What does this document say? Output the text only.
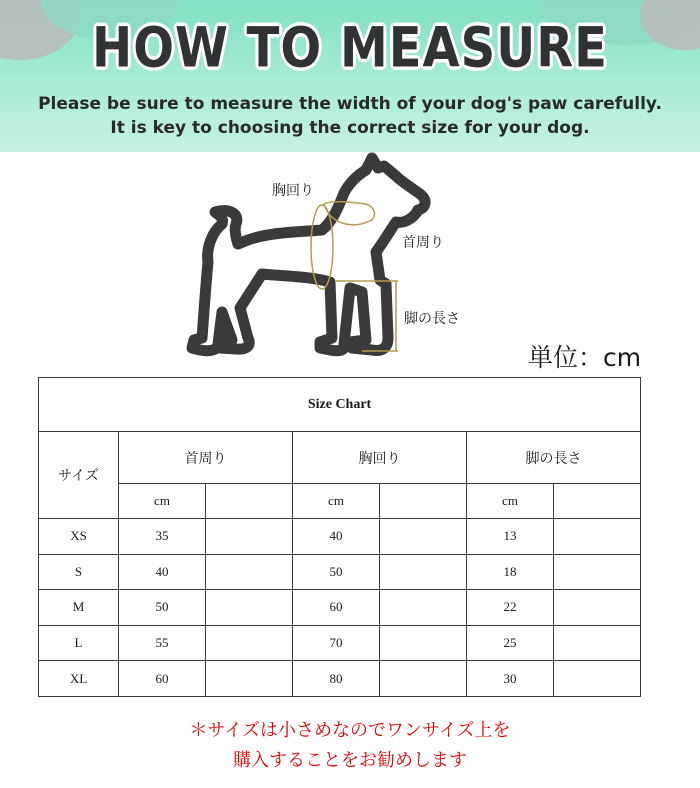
HOW TO MEASURE
Please be sure to measure the width of your dog's paw carefully.
It is key to choosing the correct size for your dog.
胸回り
首周り
脚の長さ
単位：cm
Size Chart						
サイズ	首周り		胸回り		脚の長さ	
	cm		cm		cm	
XS	35		40		13	
S	40		50		18	
M	50		60		22	
L	55		70		25	
XL	60		80		30	
＊サイズは小さめなのでワンサイズ上を
購入することをお勧めします
